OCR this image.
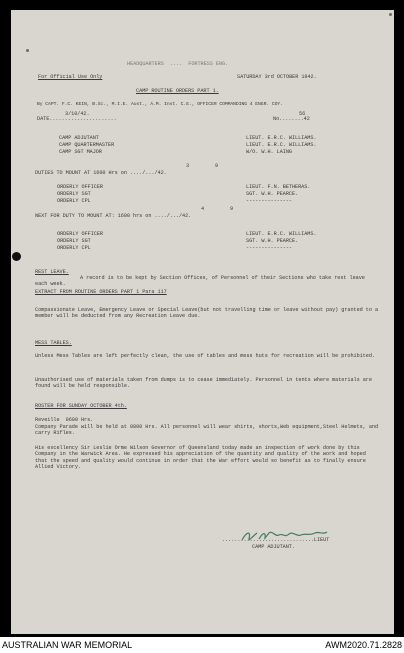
HEADQUARTERS  ....  FORTRESS ENG.
For Official Use Only	SATURDAY 3rd OCTOBER 1942.
CAMP ROUTINE ORDERS PART 1.
By CAPT. F.C. KEIN, B.Sc., M.I.E. Aust., A.M. Inst. C.E., OFFICER COMMANDING 4 ENGR. COY.
3/10/42.
DATE......................
56
No........42
CAMP ADJUTANT	LIEUT. E.R.C. WILLIAMS.
CAMP QUARTERMASTER	LIEUT. E.R.C. WILLIAMS.
CAMP SGT MAJOR	W/O. W.H. LAING
3	9
DUTIES TO MOUNT AT 1600 Hrs on ..../.../42.
ORDERLY OFFICER	LIEUT. F.N. BETHERAS.
ORDERLY SGT	SGT. W.H. PEARCE.
ORDERLY CPL	---------------
4	9
NEXT FOR DUTY TO MOUNT AT: 1600 hrs on ..../.../42.
ORDERLY OFFICER	LIEUT. E.R.C. WILLIAMS.
ORDERLY SGT	SGT. W.H. PEARCE.
ORDERLY CPL	---------------
REST LEAVE.
A record is to be kept by Section Offices, of Personnel of their Sections who take rest leave each week.
EXTRACT FROM ROUTINE ORDERS PART 1 Para 117
Compassionate Leave, Emergency Leave or Special Leave(but not travelling time or leave without pay) granted to a member will be deducted from any Recreation Leave due.
MESS TABLES.
Unless Mess Tables are left perfectly clean, the use of tables and mess huts for recreation will be prohibited.
Unauthorised use of materials taken from dumps is to cease immediately. Personnel in tents where materials are found will be held responsible.
ROSTER FOR SUNDAY OCTOBER 4th.
Reveille  0600 Hrs.
Company Parade will be held at 0800 Hrs. All personnel will wear shirts, shorts,Web equipment,Steel Helmets, and carry Rifles.
His excellency Sir Leslie Orme Wilson Governor of Queensland today made an inspection of work done by this Company in the Warwick Area. He expressed his appreciation of the quantity and quality of the work and hoped that the speed and quality would continue in order that the War effort would so benefit as to finally ensure Allied Victory.
..............................LIEUT
CAMP ADJUTANT.
AUSTRALIAN WAR MEMORIAL	AWM2020.71.2828
